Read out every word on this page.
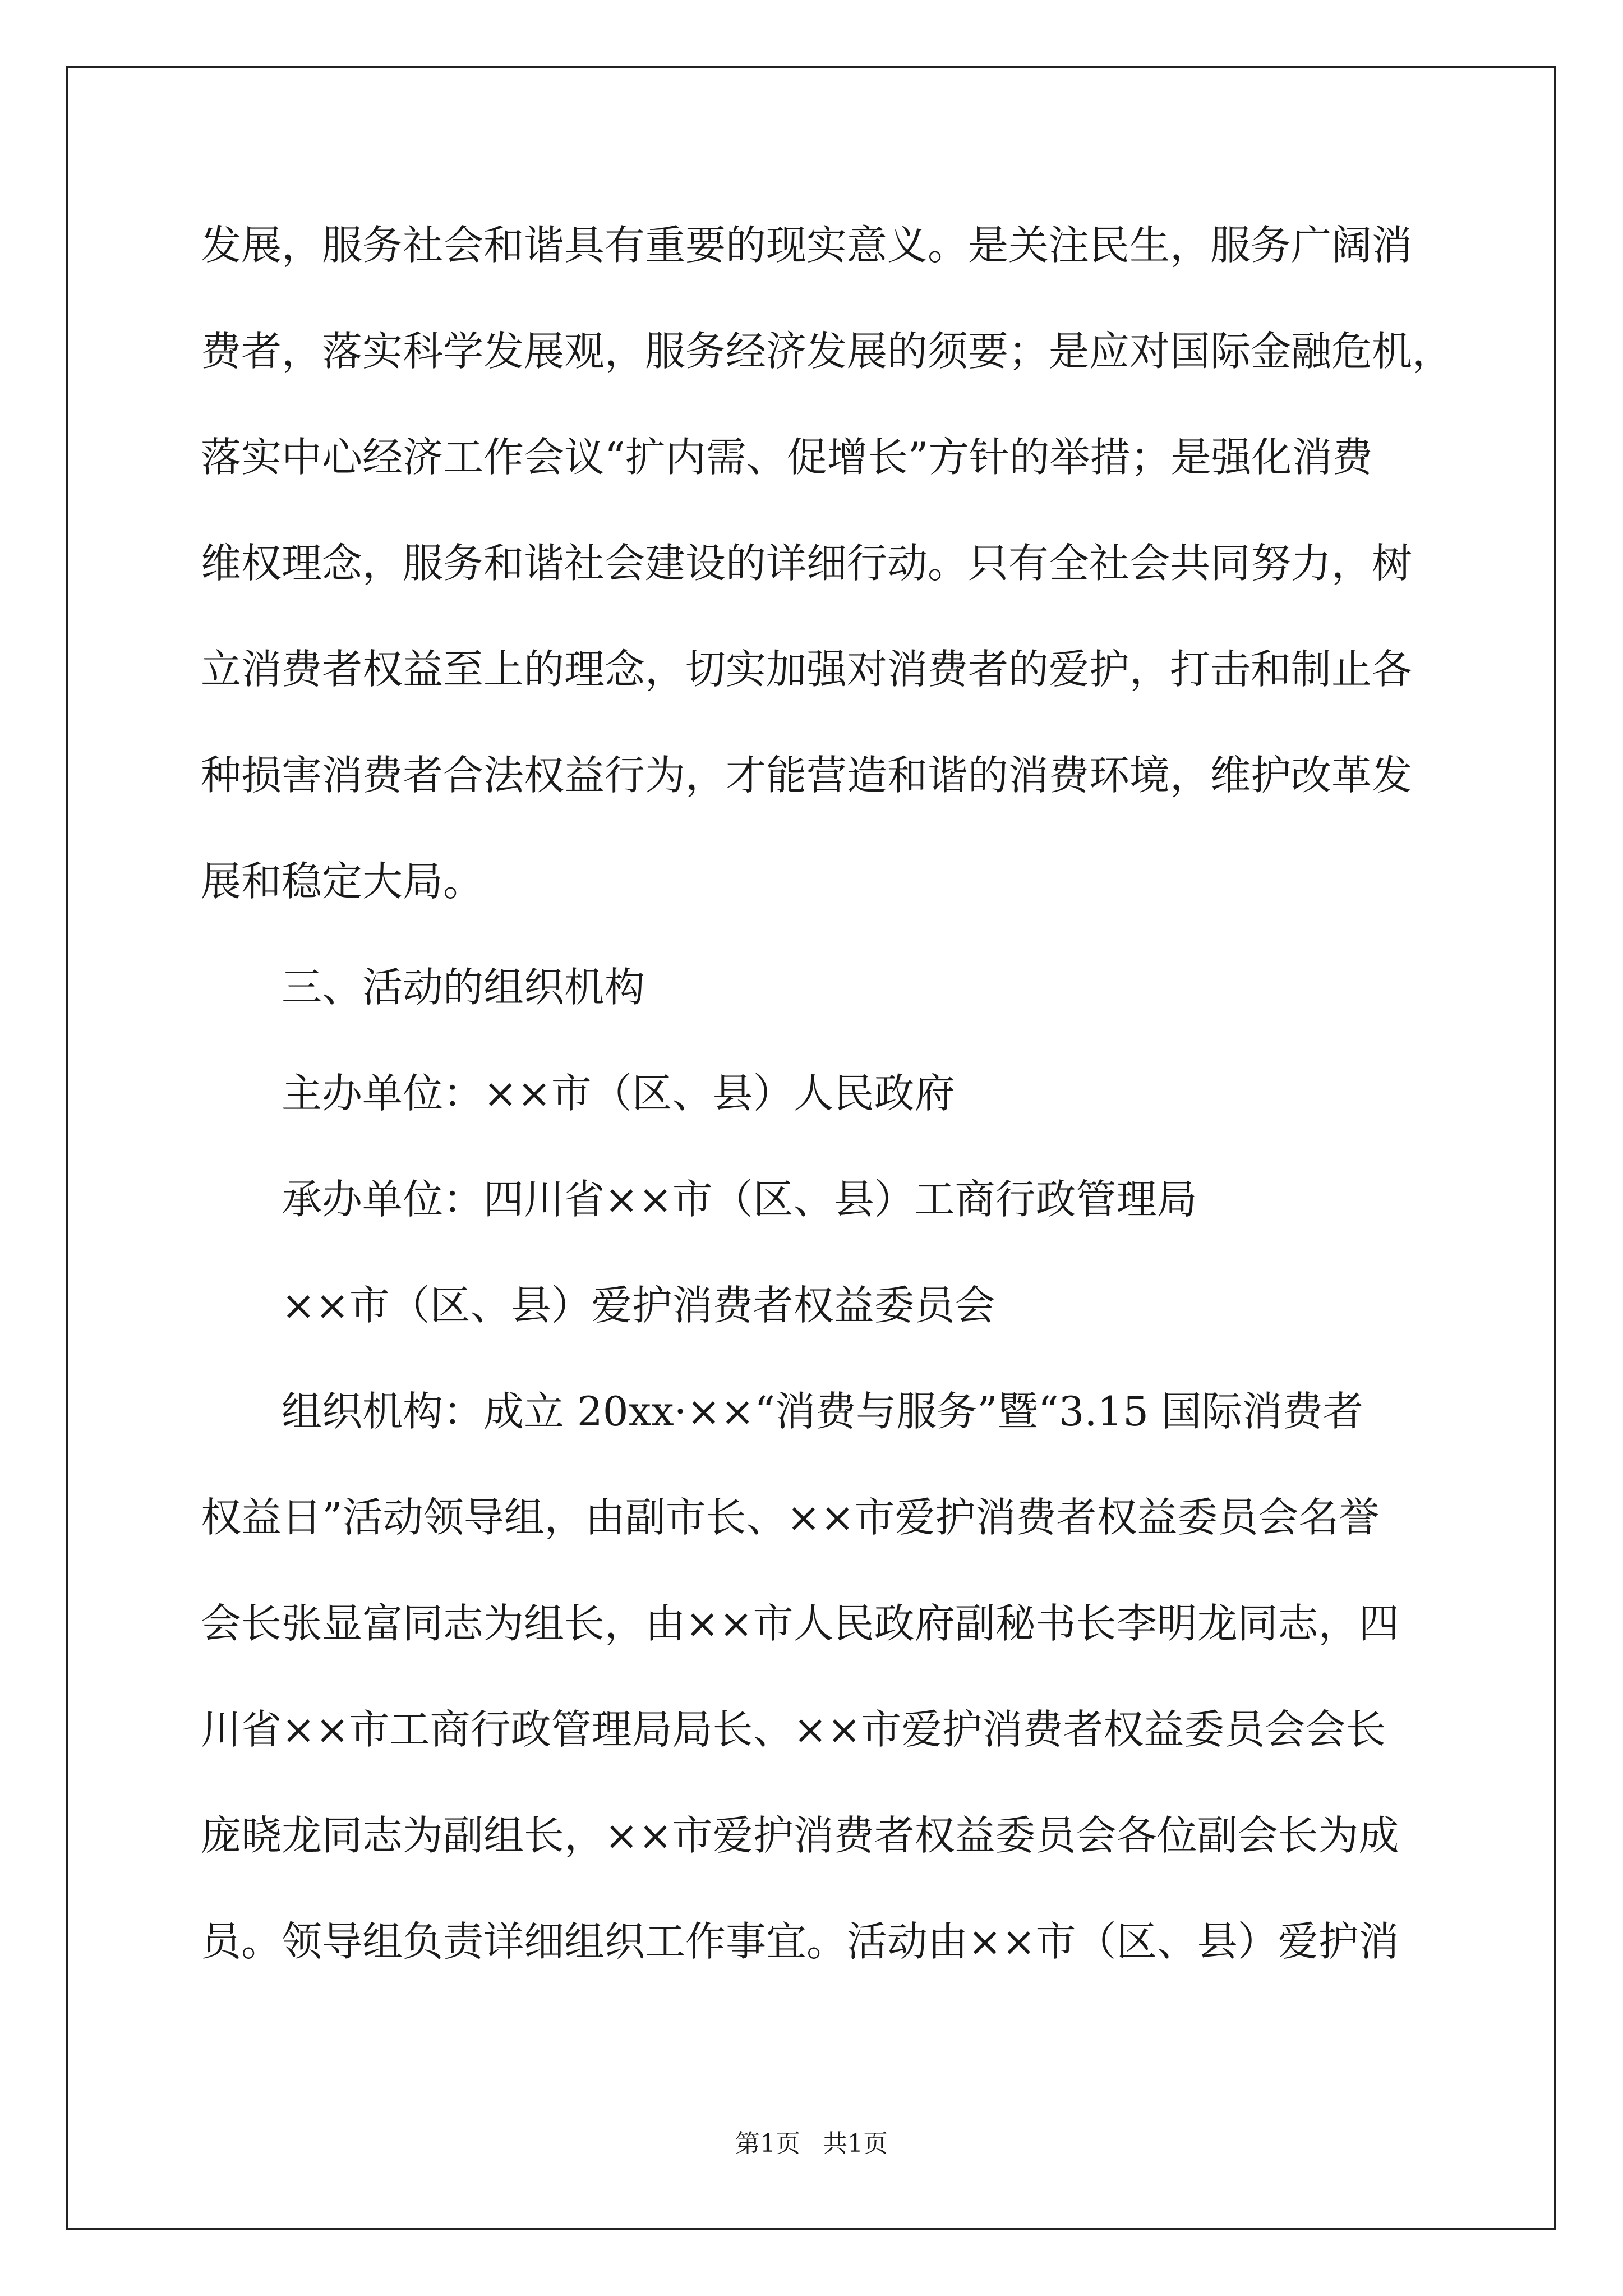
发展，服务社会和谐具有重要的现实意义。是关注民生，服务广阔消
费者，落实科学发展观，服务经济发展的须要；是应对国际金融危机，
落实中心经济工作会议“扩内需、促增长”方针的举措；是强化消费
维权理念，服务和谐社会建设的详细行动。只有全社会共同努力，树
立消费者权益至上的理念，切实加强对消费者的爱护，打击和制止各
种损害消费者合法权益行为，才能营造和谐的消费环境，维护改革发
展和稳定大局。
三、活动的组织机构
主办单位：××市（区、县）人民政府
承办单位：四川省××市（区、县）工商行政管理局
××市（区、县）爱护消费者权益委员会
组织机构：成立 20xx·××“消费与服务”暨“3.15 国际消费者
权益日”活动领导组，由副市长、××市爱护消费者权益委员会名誉
会长张显富同志为组长，由××市人民政府副秘书长李明龙同志，四
川省××市工商行政管理局局长、××市爱护消费者权益委员会会长
庞晓龙同志为副组长，××市爱护消费者权益委员会各位副会长为成
员。领导组负责详细组织工作事宜。活动由××市（区、县）爱护消
第1页 共1页
